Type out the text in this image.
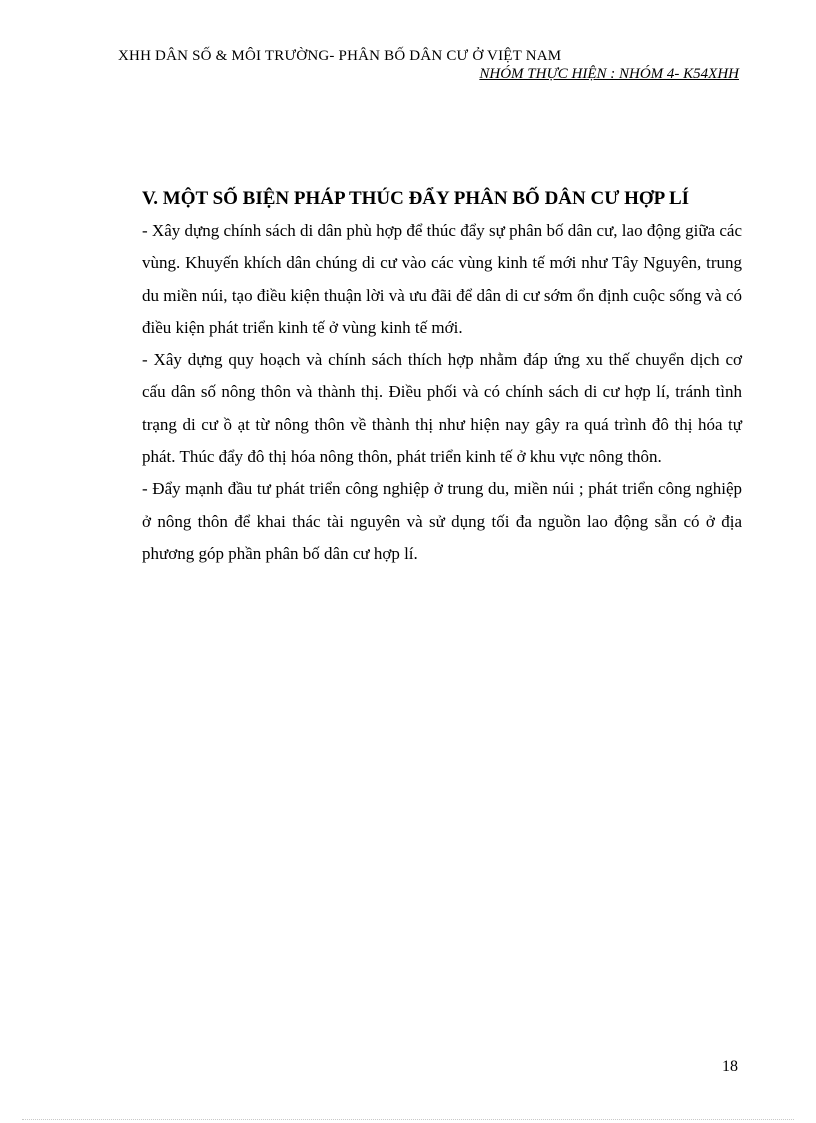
XHH DÂN SỐ & MÔI TRƯỜNG- PHÂN BỐ DÂN CƯ Ở VIỆT NAM
NHÓM THỰC HIỆN : NHÓM 4- K54XHH
V. MỘT SỐ BIỆN PHÁP THÚC ĐẨY PHÂN BỐ DÂN CƯ HỢP LÍ

- Xây dựng chính sách di dân phù hợp để thúc đẩy sự phân bố dân cư, lao động giữa các vùng. Khuyến khích dân chúng di cư vào các vùng kinh tế mới như Tây Nguyên, trung du miền núi, tạo điều kiện thuận lời và ưu đãi để dân di cư sớm ổn định cuộc sống và có điều kiện phát triển kinh tế ở vùng kinh tế mới.

- Xây dựng quy hoạch và chính sách thích hợp nhằm đáp ứng xu thế chuyển dịch cơ cấu dân số nông thôn và thành thị. Điều phối và có chính sách di cư hợp lí, tránh tình trạng di cư ồ ạt từ nông thôn về thành thị như hiện nay gây ra quá trình đô thị hóa tự phát. Thúc đẩy đô thị hóa nông thôn, phát triển kinh tế ở khu vực nông thôn.

- Đẩy mạnh đầu tư phát triển công nghiệp ở trung du, miền núi ; phát triển công nghiệp ở nông thôn để khai thác tài nguyên và sử dụng tối đa nguồn lao động sẵn có ở địa phương góp phần phân bố dân cư hợp lí.

18
